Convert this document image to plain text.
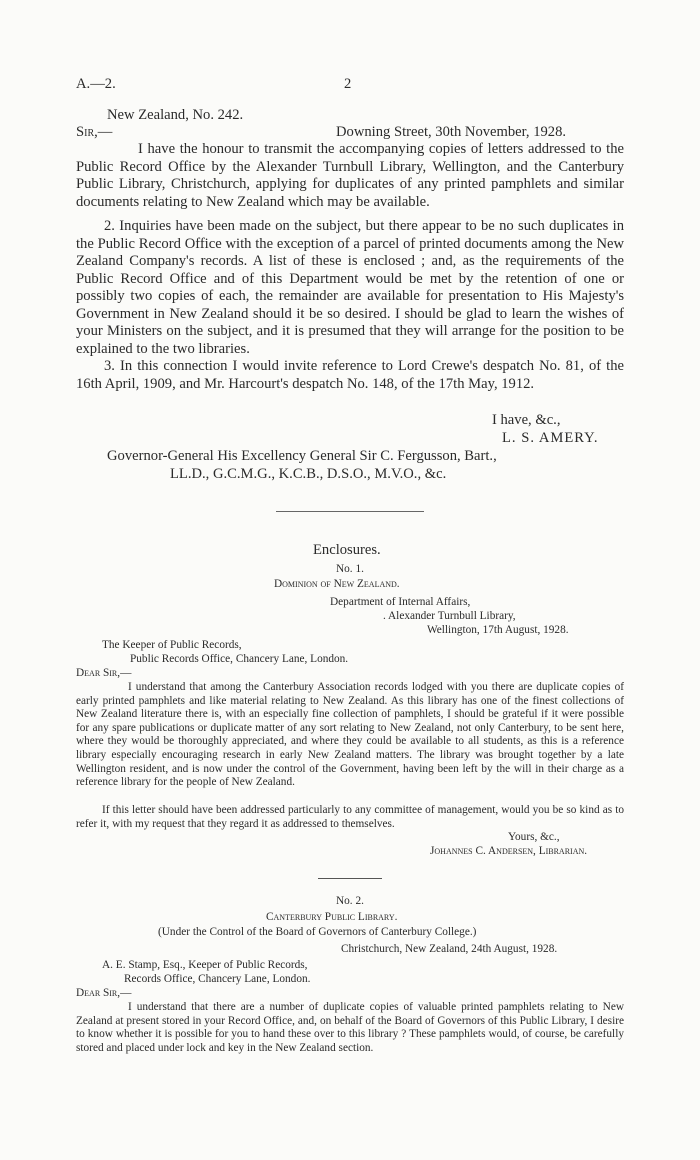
A.—2.	2
New Zealand, No. 242.
Sir,—	Downing Street, 30th November, 1928.
I have the honour to transmit the accompanying copies of letters addressed to the Public Record Office by the Alexander Turnbull Library, Wellington, and the Canterbury Public Library, Christchurch, applying for duplicates of any printed pamphlets and similar documents relating to New Zealand which may be available.
2. Inquiries have been made on the subject, but there appear to be no such duplicates in the Public Record Office with the exception of a parcel of printed documents among the New Zealand Company's records. A list of these is enclosed ; and, as the requirements of the Public Record Office and of this Department would be met by the retention of one or possibly two copies of each, the remainder are available for presentation to His Majesty's Government in New Zealand should it be so desired. I should be glad to learn the wishes of your Ministers on the subject, and it is presumed that they will arrange for the position to be explained to the two libraries.
3. In this connection I would invite reference to Lord Crewe's despatch No. 81, of the 16th April, 1909, and Mr. Harcourt's despatch No. 148, of the 17th May, 1912.
I have, &c.,
L. S. AMERY.
Governor-General His Excellency General Sir C. Fergusson, Bart.,
LL.D., G.C.M.G., K.C.B., D.S.O., M.V.O., &c.
Enclosures.
No. 1.
Dominion of New Zealand.
Department of Internal Affairs,
. Alexander Turnbull Library,
Wellington, 17th August, 1928.
The Keeper of Public Records,
Public Records Office, Chancery Lane, London.
Dear Sir,—
I understand that among the Canterbury Association records lodged with you there are duplicate copies of early printed pamphlets and like material relating to New Zealand. As this library has one of the finest collections of New Zealand literature there is, with an especially fine collection of pamphlets, I should be grateful if it were possible for any spare publications or duplicate matter of any sort relating to New Zealand, not only Canterbury, to be sent here, where they would be thoroughly appreciated, and where they could be available to all students, as this is a reference library especially encouraging research in early New Zealand matters. The library was brought together by a late Wellington resident, and is now under the control of the Government, having been left by the will in their charge as a reference library for the people of New Zealand.
If this letter should have been addressed particularly to any committee of management, would you be so kind as to refer it, with my request that they regard it as addressed to themselves.
Yours, &c.,
Johannes C. Andersen, Librarian.
No. 2.
Canterbury Public Library.
(Under the Control of the Board of Governors of Canterbury College.)
Christchurch, New Zealand, 24th August, 1928.
A. E. Stamp, Esq., Keeper of Public Records,
Records Office, Chancery Lane, London.
Dear Sir,—
I understand that there are a number of duplicate copies of valuable printed pamphlets relating to New Zealand at present stored in your Record Office, and, on behalf of the Board of Governors of this Public Library, I desire to know whether it is possible for you to hand these over to this library ? These pamphlets would, of course, be carefully stored and placed under lock and key in the New Zealand section.
